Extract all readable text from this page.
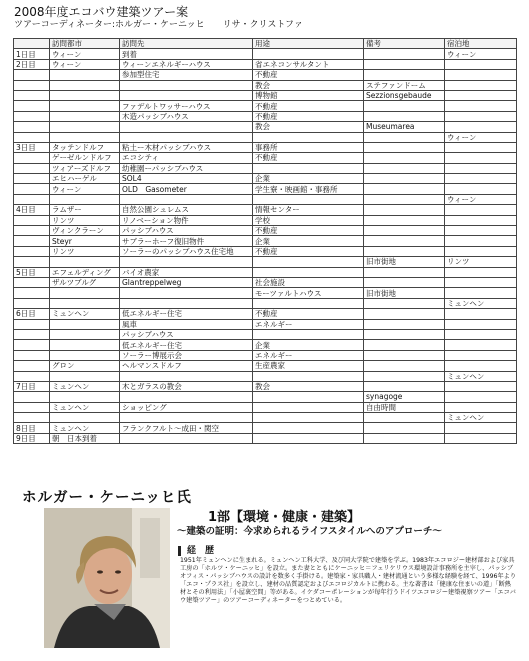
2008年度エコバウ建築ツアー案
ツアーコーディネーター:ホルガー・ケーニッヒ　　リサ・クリストファ
	訪問都市	訪問先	用途	備考	宿泊地
1日目	ウィーン	到着			ウィーン
2日目	ウィーン	ウィーンエネルギーハウス	省エネコンサルタント		
		参加型住宅	不動産		
			教会	ステファンドーム	
			博物館	Sezzionsgebaude	
		ファデルトワッサーハウス	不動産		
		木造パッシブハウス	不動産		
			教会	Museumarea	
					ウィーン
3日目	タッテンドルフ	粘土ー木材パッシブハウス	事務所		
	ゲーゼルンドルフ	エコシティ	不動産		
	ツィアーズドルフ	幼稚園ーパッシブハウス			
	エヒハーゲル	SOL4	企業		
	ウィーン	OLD　Gasometer	学生寮・映画館・事務所		
					ウィーン
4日目	ラムザー	自然公園シュレムス	情報センター		
	リンツ	リノベーション物件	学校		
	ヴィンクラーン	パッシブハウス	不動産		
	Steyr	サブラーホーフ復旧物件	企業		
	リンツ	ソーラーのパッシブハウス住宅地	不動産		
				旧市街地	リンツ
5日目	エフェルディング	バイオ農家			
	ザルツブルグ	Glantreppelweg	社会施設		
			モーツァルトハウス	旧市街地	
					ミュンヘン
6日目	ミュンヘン	低エネルギー住宅	不動産		
		風車	エネルギー		
		パッシブハウス			
		低エネルギー住宅	企業		
		ソーラー博展示会	エネルギー		
	グロン	ヘルマンスドルフ	生産農家		
					ミュンヘン
7日目	ミュンヘン	木とガラスの教会	教会		
				synagoge	
	ミュンヘン	ショッピング		自由時間	
					ミュンヘン
8日目	ミュンヘン	フランクフルト～成田・関空			
9日目	朝　日本到着				
ホルガー・ケーニッヒ氏
1部【環境・健康・建築】
～建築の証明：今求められるライフスタイルへのアプローチ～
経　歴
1951年ミュンヘンに生まれる。ミュンヘン工科大学、及び同大学院で建築を学ぶ。1983年エコロジー建材部および家具工房の「ホルツ・ケーニッヒ」を設立。また妻とともにケーニッヒ＝フェリケリウス環境設計事務所を主宰し、パッシブオフィス・パッシブハウスの設計を数多く手掛ける。建築家・家具職人・建材流通という多様な経験を経て、1996年より「エコ・プラス社」を設立し、建材の品質認定およびエコロジカルトに携わる。主な著書は「健康な住まいの道」「断熱材とその利用法」「小屋裏空間」等がある。イケダコーポレーションが毎年行うドイツエコロジー建築視察ツアー「エコバウ建築ツアー」のツアーコーディネーターをつとめている。
